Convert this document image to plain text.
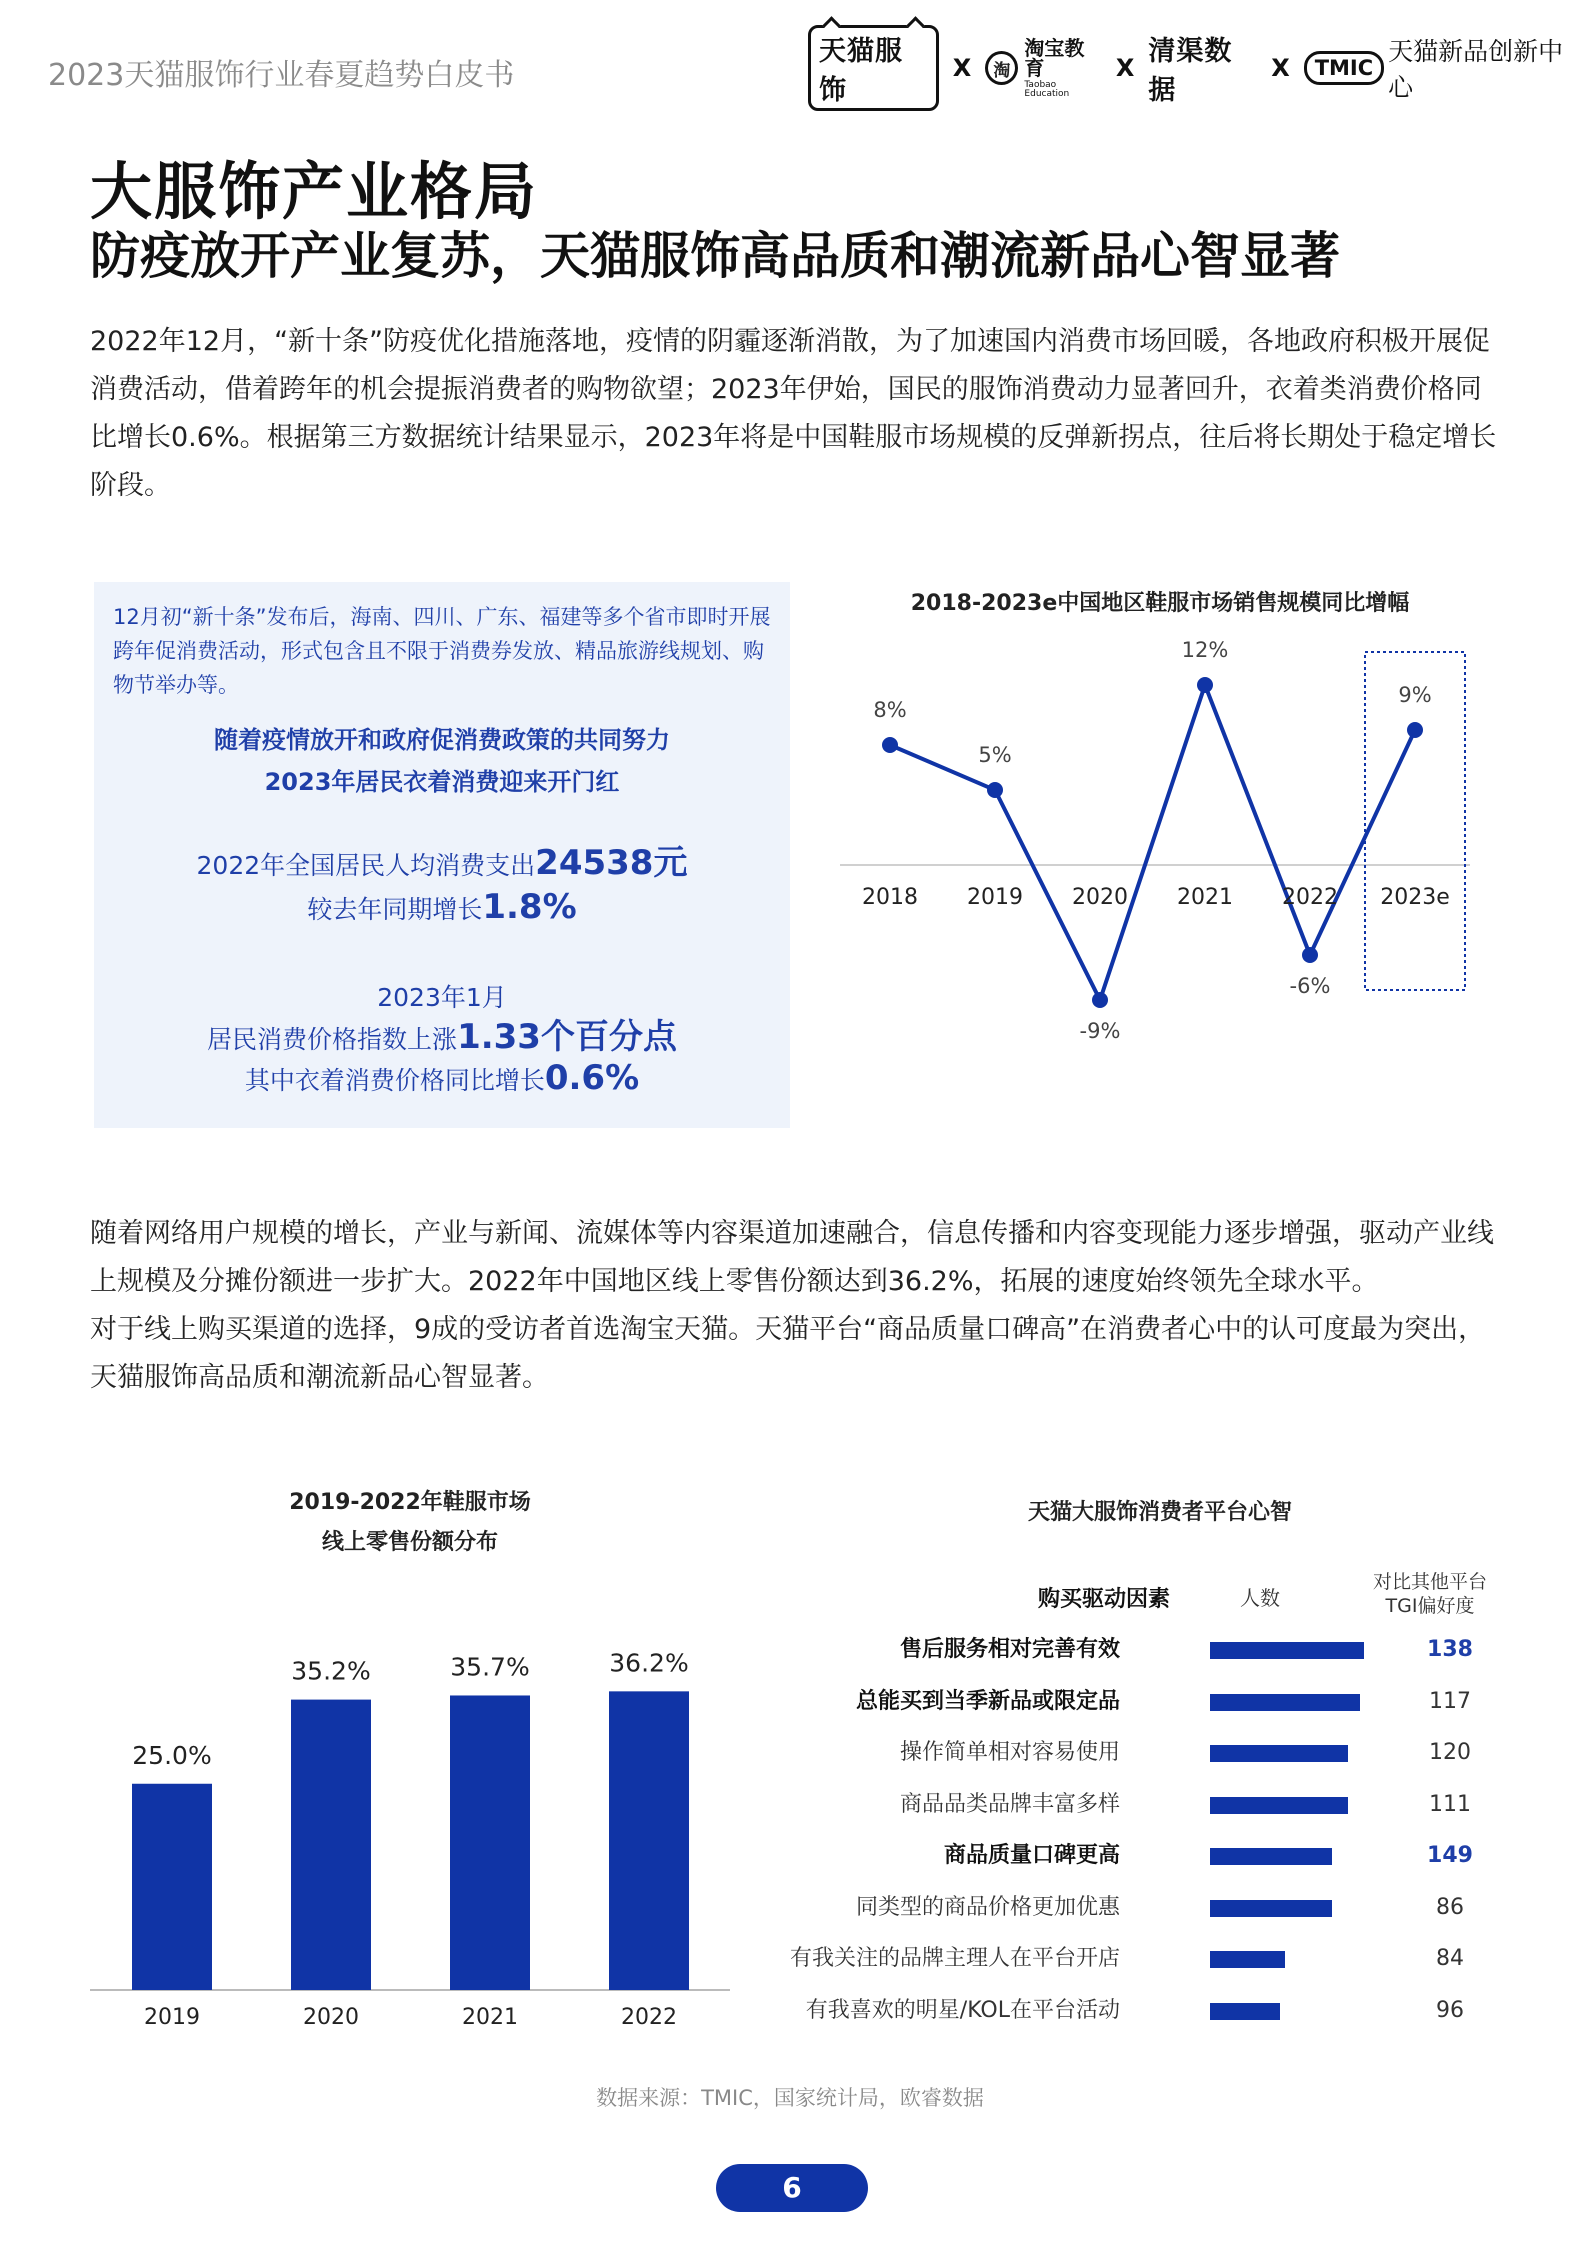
2023天猫服饰行业春夏趋势白皮书
天猫服饰
X	淘
淘宝教育
Taobao Education
X
清渠数据
X	TMIC
天猫新品创新中心
大服饰产业格局
防疫放开产业复苏，天猫服饰高品质和潮流新品心智显著
2022年12月，“新十条”防疫优化措施落地，疫情的阴霾逐渐消散，为了加速国内消费市场回暖，各地政府积极开展促消费活动，借着跨年的机会提振消费者的购物欲望；2023年伊始，国民的服饰消费动力显著回升，衣着类消费价格同比增长0.6%。根据第三方数据统计结果显示，2023年将是中国鞋服市场规模的反弹新拐点，往后将长期处于稳定增长阶段。
12月初“新十条”发布后，海南、四川、广东、福建等多个省市即时开展跨年促消费活动，形式包含且不限于消费券发放、精品旅游线规划、购物节举办等。
随着疫情放开和政府促消费政策的共同努力
2023年居民衣着消费迎来开门红
2022年全国居民人均消费支出24538元
较去年同期增长1.8%
2023年1月
居民消费价格指数上涨1.33个百分点
其中衣着消费价格同比增长0.6%
2018-2023e中国地区鞋服市场销售规模同比增幅
8%
2018
5%
2019
-9%
2020
12%
2021
-6%
2022
9%
2023e
随着网络用户规模的增长，产业与新闻、流媒体等内容渠道加速融合，信息传播和内容变现能力逐步增强，驱动产业线上规模及分摊份额进一步扩大。2022年中国地区线上零售份额达到36.2%，拓展的速度始终领先全球水平。
对于线上购买渠道的选择，9成的受访者首选淘宝天猫。天猫平台“商品质量口碑高”在消费者心中的认可度最为突出，天猫服饰高品质和潮流新品心智显著。
2019-2022年鞋服市场
线上零售份额分布
25.0%
2019
35.2%
2020
35.7%
2021
36.2%
2022
天猫大服饰消费者平台心智
购买驱动因素	人数
对比其他平台
TGI偏好度
售后服务相对完善有效	138
总能买到当季新品或限定品	117
操作简单相对容易使用	120
商品品类品牌丰富多样	111
商品质量口碑更高	149
同类型的商品价格更加优惠	86
有我关注的品牌主理人在平台开店	84
有我喜欢的明星/KOL在平台活动	96
数据来源：TMIC，国家统计局，欧睿数据
6
